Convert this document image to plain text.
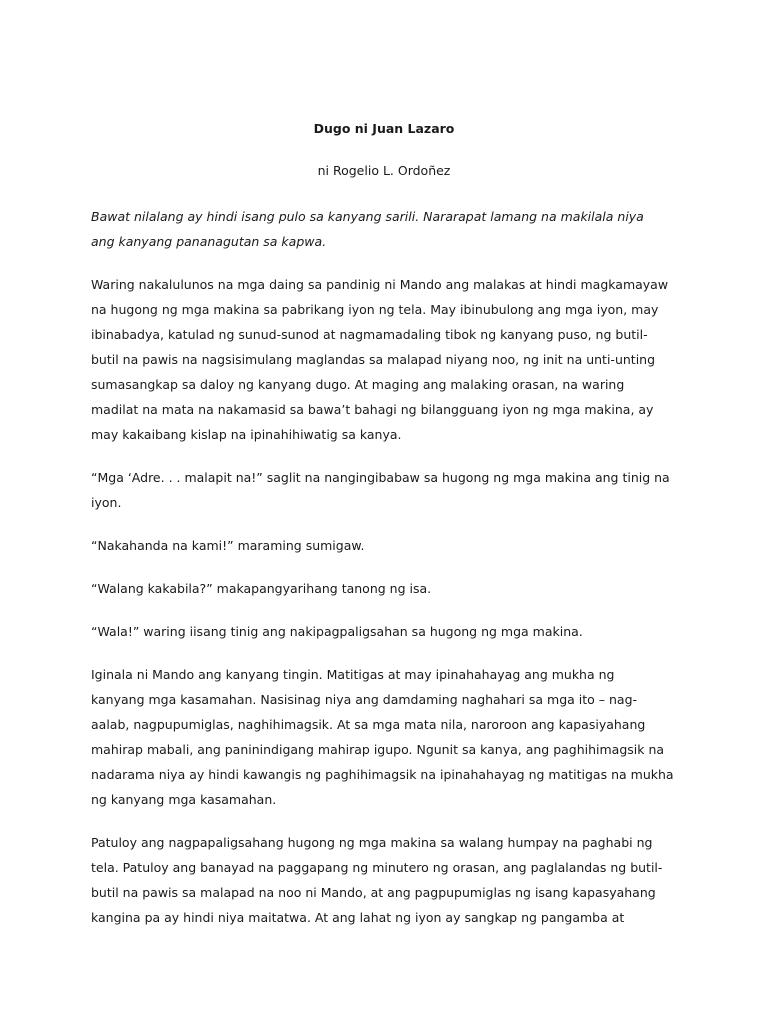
Dugo ni Juan Lazaro
ni Rogelio L. Ordoñez

Bawat nilalang ay hindi isang pulo sa kanyang sarili. Nararapat lamang na makilala niya
ang kanyang pananagutan sa kapwa.

Waring nakalulunos na mga daing sa pandinig ni Mando ang malakas at hindi magkamayaw
na hugong ng mga makina sa pabrikang iyon ng tela. May ibinubulong ang mga iyon, may
ibinabadya, katulad ng sunud-sunod at nagmamadaling tibok ng kanyang puso, ng butil-
butil na pawis na nagsisimulang maglandas sa malapad niyang noo, ng init na unti-unting
sumasangkap sa daloy ng kanyang dugo. At maging ang malaking orasan, na waring
madilat na mata na nakamasid sa bawa’t bahagi ng bilangguang iyon ng mga makina, ay
may kakaibang kislap na ipinahihiwatig sa kanya.

“Mga ‘Adre. . . malapit na!” saglit na nangingibabaw sa hugong ng mga makina ang tinig na
iyon.

“Nakahanda na kami!” maraming sumigaw.

“Walang kakabila?” makapangyarihang tanong ng isa.

“Wala!” waring iisang tinig ang nakipagpaligsahan sa hugong ng mga makina.

Iginala ni Mando ang kanyang tingin. Matitigas at may ipinahahayag ang mukha ng
kanyang mga kasamahan. Nasisinag niya ang damdaming naghahari sa mga ito – nag-
aalab, nagpupumiglas, naghihimagsik. At sa mga mata nila, naroroon ang kapasiyahang
mahirap mabali, ang paninindigang mahirap igupo. Ngunit sa kanya, ang paghihimagsik na
nadarama niya ay hindi kawangis ng paghihimagsik na ipinahahayag ng matitigas na mukha
ng kanyang mga kasamahan.

Patuloy ang nagpapaligsahang hugong ng mga makina sa walang humpay na paghabi ng
tela. Patuloy ang banayad na paggapang ng minutero ng orasan, ang paglalandas ng butil-
butil na pawis sa malapad na noo ni Mando, at ang pagpupumiglas ng isang kapasyahang
kangina pa ay hindi niya maitatwa. At ang lahat ng iyon ay sangkap ng pangamba at
